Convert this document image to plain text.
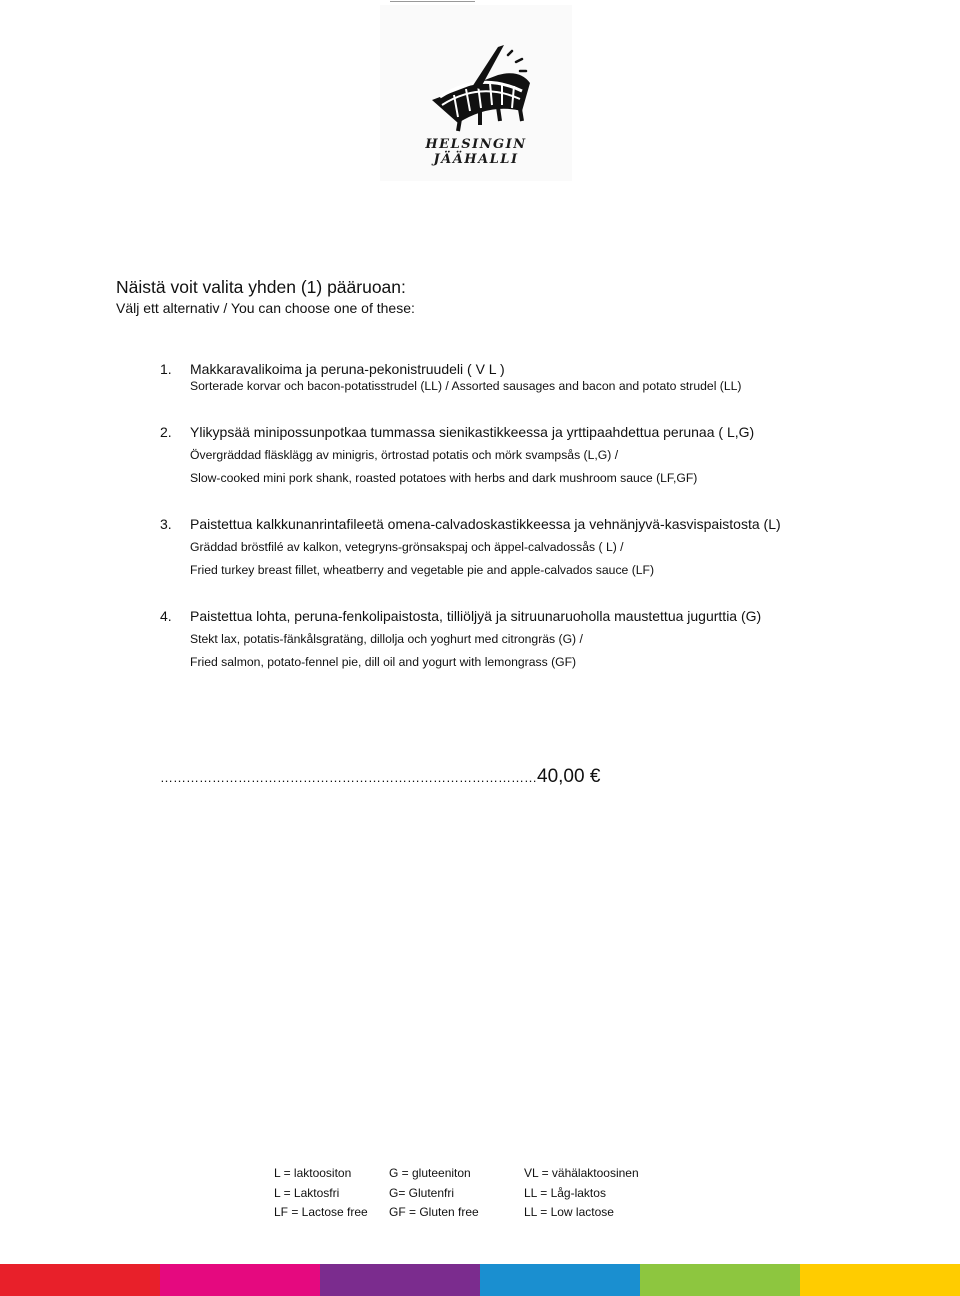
HELSINGIN JÄÄHALLI
Näistä voit valita yhden (1) pääruoan:
Välj ett alternativ / You can choose one of these:
1. Makkaravalikoima ja peruna-pekonistruudeli ( V L )
Sorterade korvar och bacon-potatisstrudel (LL) / Assorted sausages and bacon and potato strudel (LL)
2. Ylikypsää minipossunpotkaa tummassa sienikastikkeessa ja yrttipaahdettua perunaa ( L,G)
Övergräddad fläsklägg av minigris, örtrostad potatis och mörk svampsås (L,G) /
Slow-cooked mini pork shank, roasted potatoes with herbs and dark mushroom sauce (LF,GF)
3. Paistettua kalkkunanrintafileetä omena-calvadoskastikkeessa ja vehnänjyvä-kasvispaistosta (L)
Gräddad bröstfilé av kalkon, vetegryns-grönsakspaj och äppel-calvadossås ( L) /
Fried turkey breast fillet, wheatberry and vegetable pie and apple-calvados sauce (LF)
4. Paistettua lohta, peruna-fenkolipaistosta, tilliöljyä ja sitruunaruoholla maustettua jugurttia (G)
Stekt lax, potatis-fänkålsgratäng, dillolja och yoghurt med citrongräs (G) /
Fried salmon, potato-fennel pie, dill oil and yogurt with lemongrass (GF)
……………………………………………………………………………40,00 €
L = laktoositon	G = gluteeniton	VL = vähälaktoosinen
L = Laktosfri	G= Glutenfri	LL = Låg-laktos
LF = Lactose free GF = Gluten free	LL = Low lactose
